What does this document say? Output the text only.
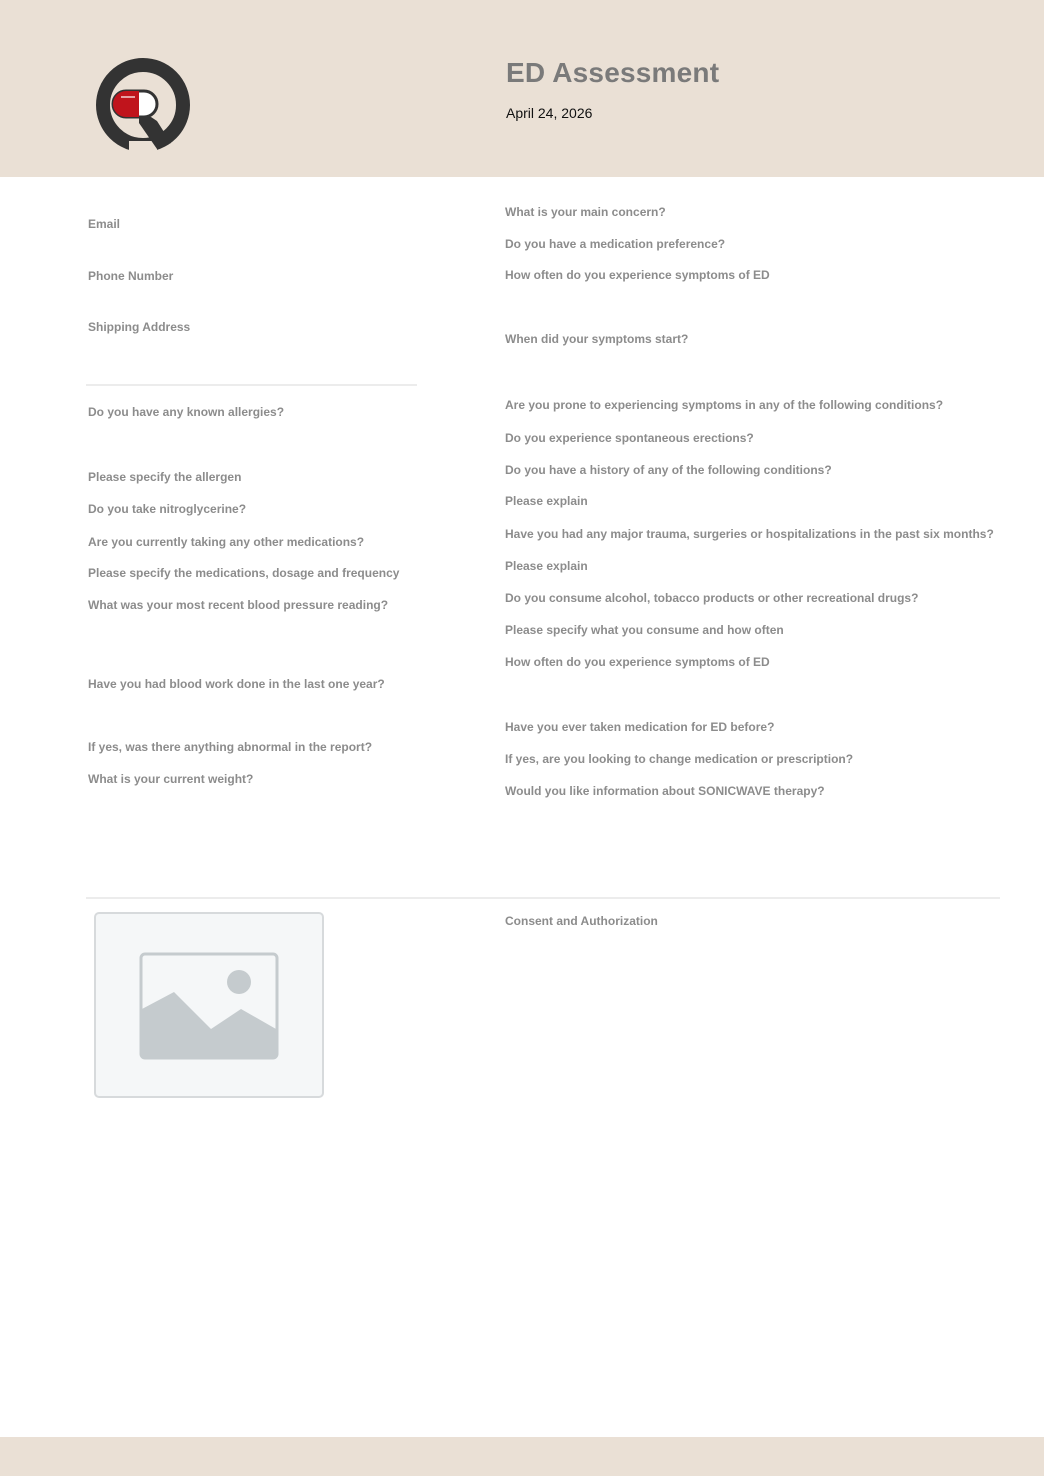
ED Assessment
April 24, 2026
Email
Phone Number
Shipping Address
Do you have any known allergies?
Please specify the allergen
Do you take nitroglycerine?
Are you currently taking any other medications?
Please specify the medications, dosage and frequency
What was your most recent blood pressure reading?
Have you had blood work done in the last one year?
If yes, was there anything abnormal in the report?
What is your current weight?
What is your main concern?
Do you have a medication preference?
How often do you experience symptoms of ED
When did your symptoms start?
Are you prone to experiencing symptoms in any of the following conditions?
Do you experience spontaneous erections?
Do you have a history of any of the following conditions?
Please explain
Have you had any major trauma, surgeries or hospitalizations in the past six months?
Please explain
Do you consume alcohol, tobacco products or other recreational drugs?
Please specify what you consume and how often
How often do you experience symptoms of ED
Have you ever taken medication for ED before?
If yes, are you looking to change medication or prescription?
Would you like information about SONICWAVE therapy?
Consent and Authorization
